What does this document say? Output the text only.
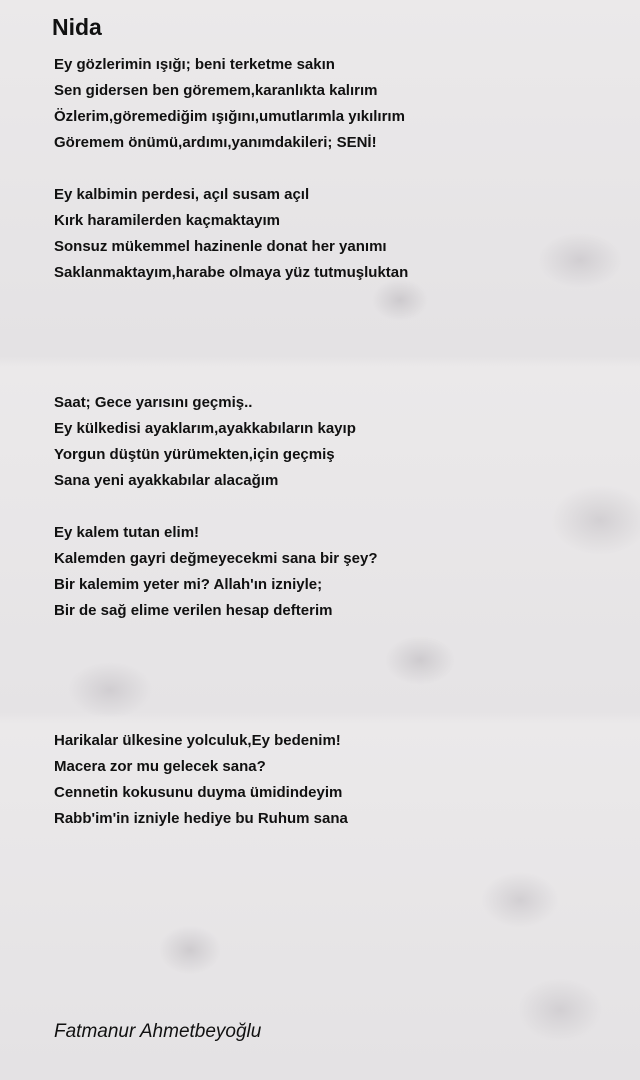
Nida
Ey gözlerimin ışığı; beni terketme sakın
Sen gidersen ben göremem,karanlıkta kalırım
Özlerim,göremediğim ışığını,umutlarımla yıkılırım
Göremem önümü,ardımı,yanımdakileri; SENİ!
Ey kalbimin perdesi, açıl susam açıl
Kırk haramilerden kaçmaktayım
Sonsuz mükemmel hazinenle donat her yanımı
Saklanmaktayım,harabe olmaya yüz tutmuşluktan
Saat; Gece yarısını geçmiş..
Ey külkedisi ayaklarım,ayakkabıların kayıp
Yorgun düştün yürümekten,için geçmiş
Sana yeni ayakkabılar alacağım
Ey kalem tutan elim!
Kalemden gayri değmeyecekmi sana bir şey?
Bir kalemim yeter mi? Allah'ın izniyle;
Bir de sağ elime verilen hesap defterim
Harikalar ülkesine yolculuk,Ey bedenim!
Macera zor mu gelecek sana?
Cennetin kokusunu duyma ümidindeyim
Rabb'im'in izniyle hediye bu Ruhum sana
Fatmanur Ahmetbeyoğlu
